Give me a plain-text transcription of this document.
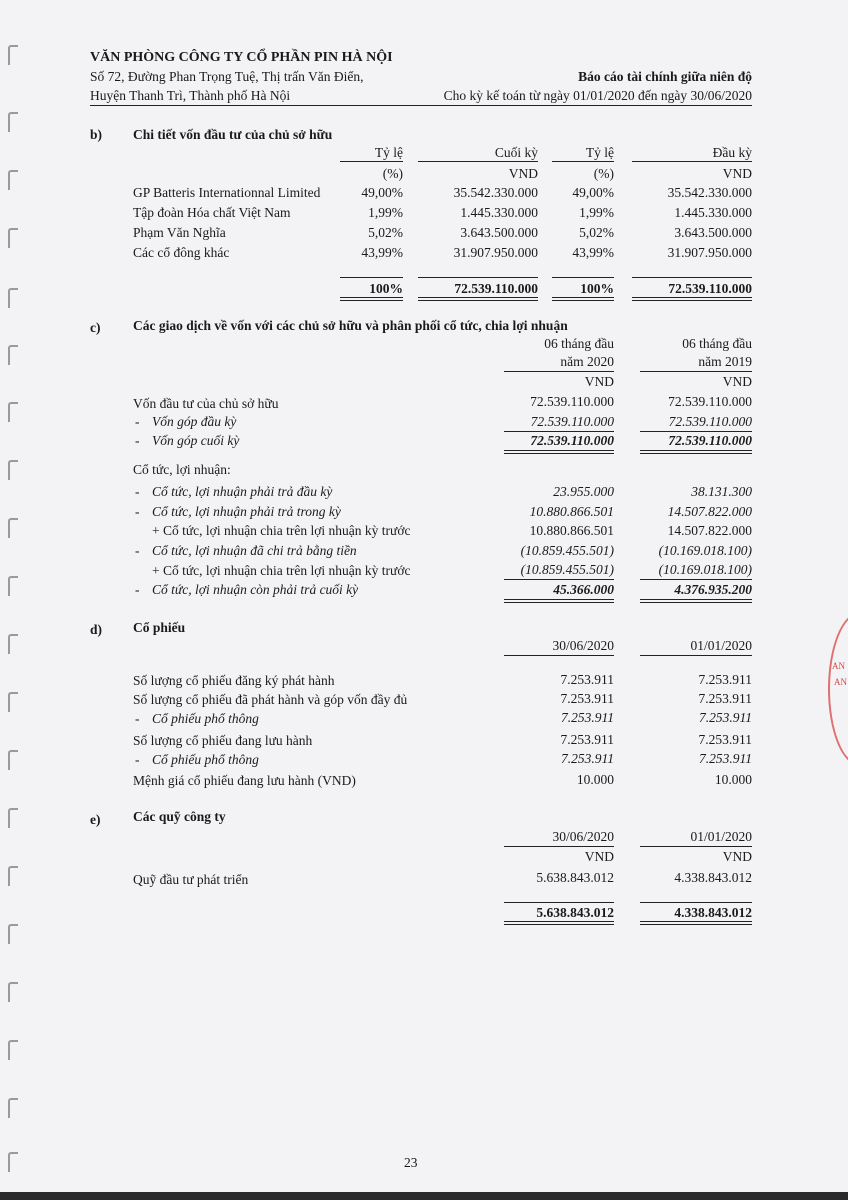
AN
AN
VĂN PHÒNG CÔNG TY CỔ PHẦN PIN HÀ NỘI
Số 72, Đường Phan Trọng Tuệ, Thị trấn Văn Điển,
Huyện Thanh Trì, Thành phố Hà Nội
Báo cáo tài chính giữa niên độ
Cho kỳ kế toán từ ngày 01/01/2020 đến ngày 30/06/2020
b) Chi tiết vốn đầu tư của chủ sở hữu
Tỷ lệ	Cuối kỳ	Tỷ lệ	Đầu kỳ
(%)	VND	(%)	VND
GP Batteris Internationnal Limited	49,00%	35.542.330.000	49,00%	35.542.330.000
Tập đoàn Hóa chất Việt Nam	1,99%	1.445.330.000	1,99%	1.445.330.000
Phạm Văn Nghĩa	5,02%	3.643.500.000	5,02%	3.643.500.000
Các cổ đông khác	43,99%	31.907.950.000	43,99%	31.907.950.000
100%	72.539.110.000	100%	72.539.110.000
c) Các giao dịch về vốn với các chủ sở hữu và phân phối cổ tức, chia lợi nhuận
06 tháng đầu
năm 2020
06 tháng đầu
năm 2019
VND	VND
Vốn đầu tư của chủ sở hữu	72.539.110.000	72.539.110.000
- Vốn góp đầu kỳ	72.539.110.000	72.539.110.000
- Vốn góp cuối kỳ	72.539.110.000	72.539.110.000
Cổ tức, lợi nhuận:
- Cổ tức, lợi nhuận phải trả đầu kỳ	23.955.000	38.131.300
- Cổ tức, lợi nhuận phải trả trong kỳ	10.880.866.501	14.507.822.000
+ Cổ tức, lợi nhuận chia trên lợi nhuận kỳ trước	10.880.866.501	14.507.822.000
- Cổ tức, lợi nhuận đã chi trả bằng tiền	(10.859.455.501)	(10.169.018.100)
+ Cổ tức, lợi nhuận chia trên lợi nhuận kỳ trước	(10.859.455.501)	(10.169.018.100)
- Cổ tức, lợi nhuận còn phải trả cuối kỳ	45.366.000	4.376.935.200
d) Cổ phiếu
30/06/2020	01/01/2020
Số lượng cổ phiếu đăng ký phát hành	7.253.911	7.253.911
Số lượng cổ phiếu đã phát hành và góp vốn đầy đủ	7.253.911	7.253.911
- Cổ phiếu phổ thông	7.253.911	7.253.911
Số lượng cổ phiếu đang lưu hành	7.253.911	7.253.911
- Cổ phiếu phổ thông	7.253.911	7.253.911
Mệnh giá cổ phiếu đang lưu hành (VND)	10.000	10.000
e) Các quỹ công ty
30/06/2020	01/01/2020
VND	VND
Quỹ đầu tư phát triển	5.638.843.012	4.338.843.012
5.638.843.012	4.338.843.012
23
